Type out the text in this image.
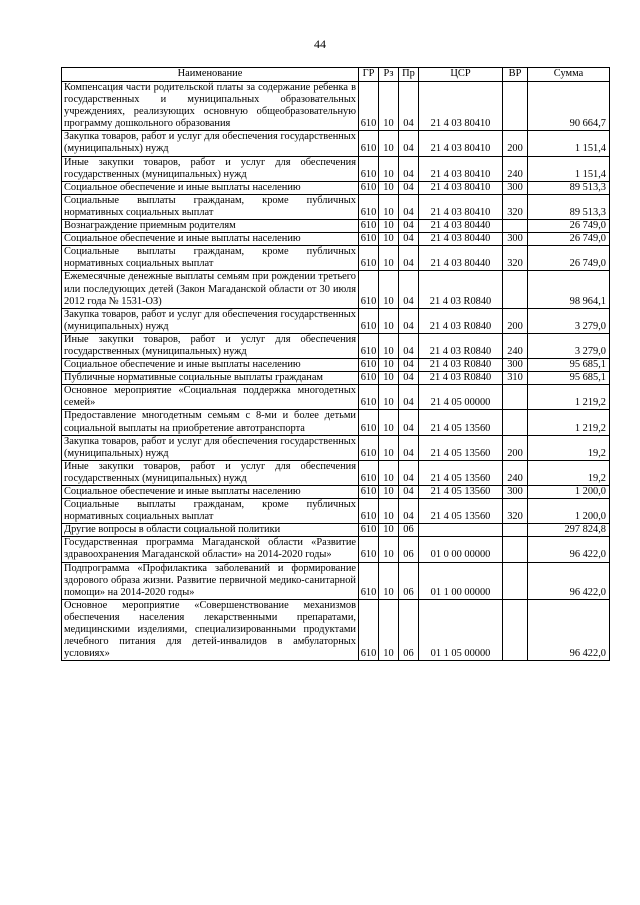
44
Наименование	ГР	Рз	Пр	ЦСР	ВР	Сумма
Компенсация части родительской платы за содержание ребенка в государственных и муниципальных образовательных учреждениях, реализующих основную общеобразовательную программу дошкольного образования	610	10	04	21 4 03 80410		90 664,7
Закупка товаров, работ и услуг для обеспечения государственных (муниципальных) нужд	610	10	04	21 4 03 80410	200	1 151,4
Иные закупки товаров, работ и услуг для обеспечения государственных (муниципальных) нужд	610	10	04	21 4 03 80410	240	1 151,4
Социальное обеспечение и иные выплаты населению	610	10	04	21 4 03 80410	300	89 513,3
Социальные выплаты гражданам, кроме публичных нормативных социальных выплат	610	10	04	21 4 03 80410	320	89 513,3
Вознаграждение приемным родителям	610	10	04	21 4 03 80440		26 749,0
Социальное обеспечение и иные выплаты населению	610	10	04	21 4 03 80440	300	26 749,0
Социальные выплаты гражданам, кроме публичных нормативных социальных выплат	610	10	04	21 4 03 80440	320	26 749,0
Ежемесячные денежные выплаты семьям при рождении третьего или последующих детей (Закон Магаданской области от 30 июля 2012 года № 1531-ОЗ)	610	10	04	21 4 03 R0840		98 964,1
Закупка товаров, работ и услуг для обеспечения государственных (муниципальных) нужд	610	10	04	21 4 03 R0840	200	3 279,0
Иные закупки товаров, работ и услуг для обеспечения государственных (муниципальных) нужд	610	10	04	21 4 03 R0840	240	3 279,0
Социальное обеспечение и иные выплаты населению	610	10	04	21 4 03 R0840	300	95 685,1
Публичные нормативные социальные выплаты гражданам	610	10	04	21 4 03 R0840	310	95 685,1
Основное мероприятие «Социальная поддержка многодетных семей»	610	10	04	21 4 05 00000		1 219,2
Предоставление многодетным семьям с 8-ми и более детьми социальной выплаты на приобретение автотранспорта	610	10	04	21 4 05 13560		1 219,2
Закупка товаров, работ и услуг для обеспечения государственных (муниципальных) нужд	610	10	04	21 4 05 13560	200	19,2
Иные закупки товаров, работ и услуг для обеспечения государственных (муниципальных) нужд	610	10	04	21 4 05 13560	240	19,2
Социальное обеспечение и иные выплаты населению	610	10	04	21 4 05 13560	300	1 200,0
Социальные выплаты гражданам, кроме публичных нормативных социальных выплат	610	10	04	21 4 05 13560	320	1 200,0
Другие вопросы в области социальной политики	610	10	06			297 824,8
Государственная программа Магаданской области «Развитие здравоохранения Магаданской области» на 2014-2020 годы»	610	10	06	01 0 00 00000		96 422,0
Подпрограмма «Профилактика заболеваний и формирование здорового образа жизни. Развитие первичной медико-санитарной помощи» на 2014-2020 годы»	610	10	06	01 1 00 00000		96 422,0
Основное мероприятие «Совершенствование механизмов обеспечения населения лекарственными препаратами, медицинскими изделиями, специализированными продуктами лечебного питания для детей-инвалидов в амбулаторных условиях»	610	10	06	01 1 05 00000		96 422,0
